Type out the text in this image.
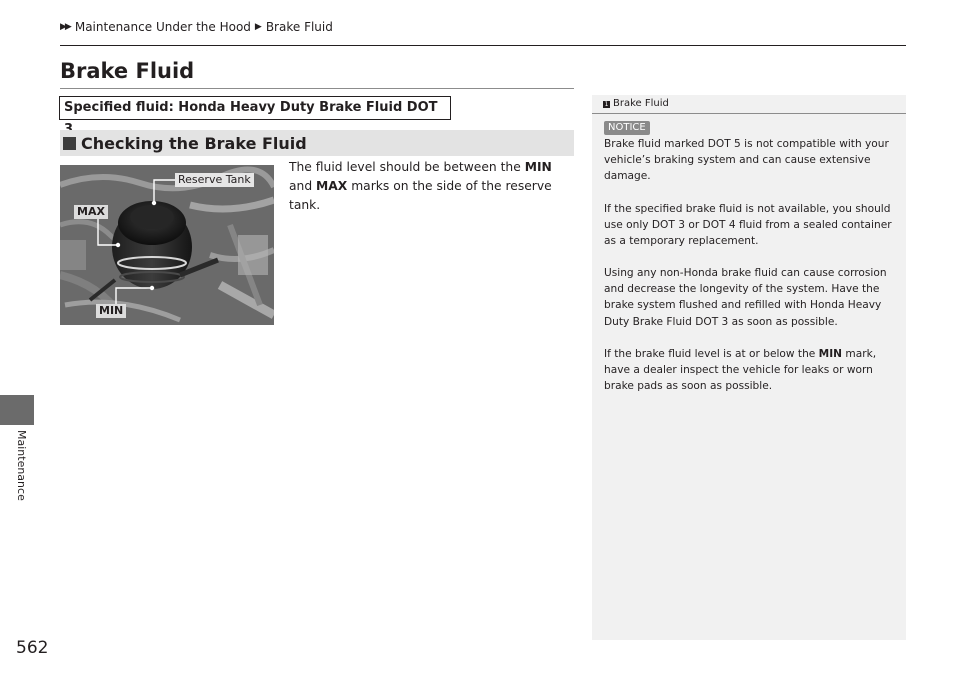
▶▶ Maintenance Under the Hood ▶ Brake Fluid
Maintenance
562
Brake Fluid
Specified fluid: Honda Heavy Duty Brake Fluid DOT
Checking the Brake Fluid
Reserve Tank
MAX
MIN
The fluid level should be between the MIN
and MAX marks on the side of the reserve tank.
1 Brake Fluid
NOTICE

Brake fluid marked DOT 5 is not compatible with your vehicle’s braking system and can cause extensive damage.

If the specified brake fluid is not available, you should use only DOT 3 or DOT 4 fluid from a sealed container as a temporary replacement.

Using any non-Honda brake fluid can cause corrosion and decrease the longevity of the system. Have the brake system flushed and refilled with Honda Heavy Duty Brake Fluid DOT 3 as soon as possible.

If the brake fluid level is at or below the MIN mark, have a dealer inspect the vehicle for leaks or worn brake pads as soon as possible.
